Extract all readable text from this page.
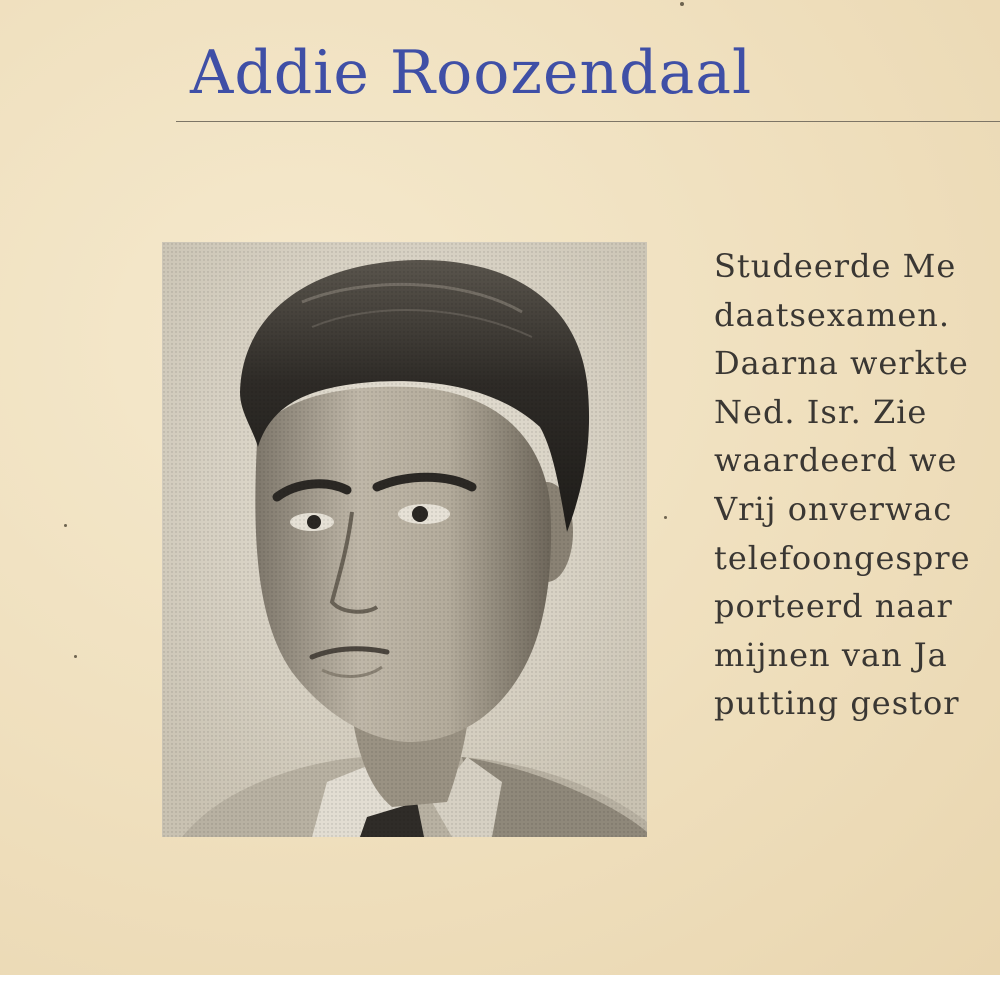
Addie Roozendaal
Studeerde Me
daatsexamen.
Daarna werkte
Ned. Isr. Zie
waardeerd we
Vrij onverwac
telefoongespre
porteerd naar
mijnen van Ja
putting gestor
